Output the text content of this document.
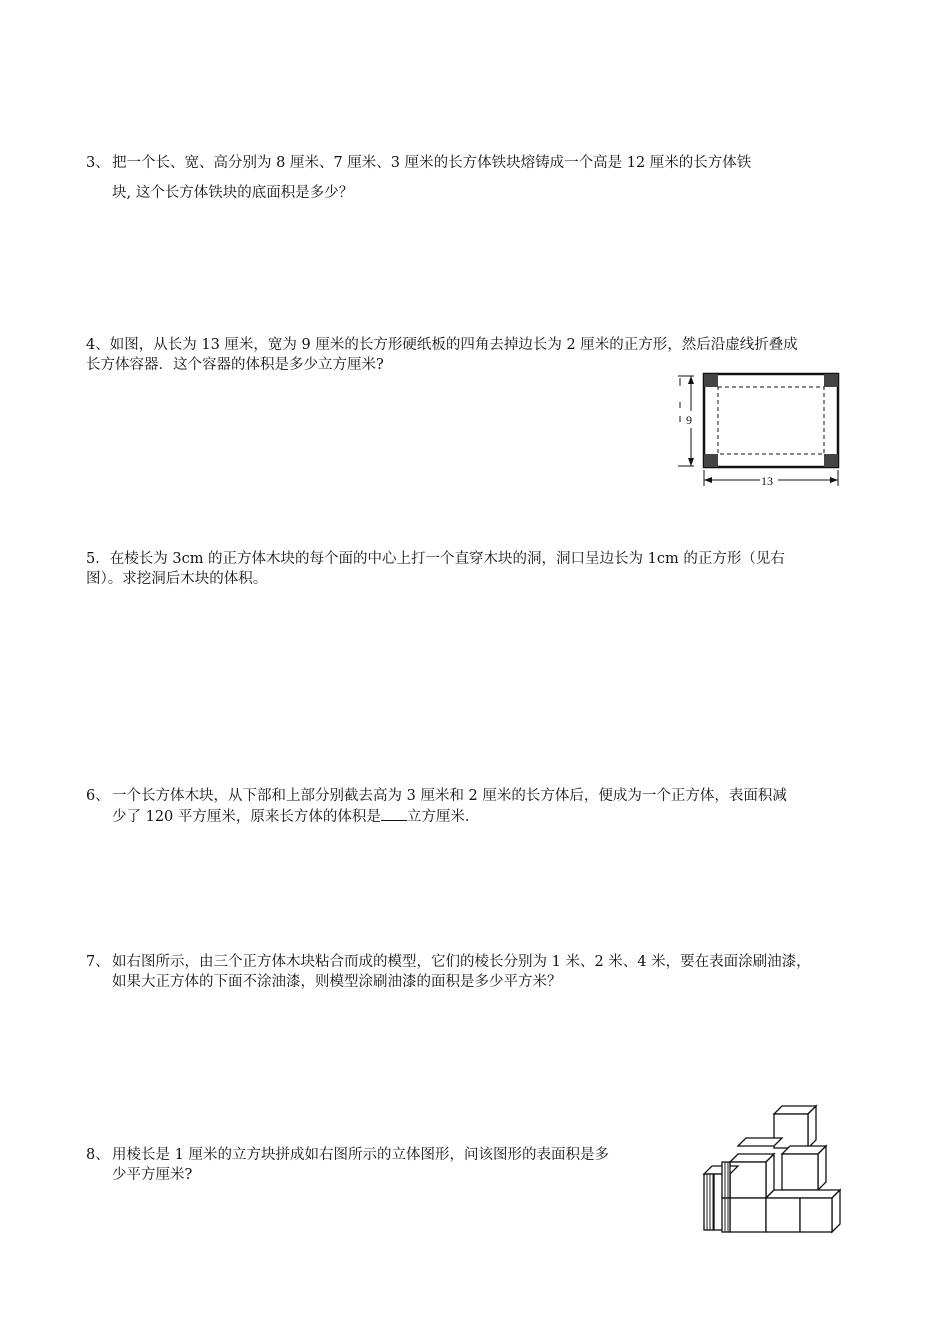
3、 把一个长、宽、高分别为 8 厘米、7 厘米、3 厘米的长方体铁块熔铸成一个高是 12 厘米的长方体铁
块, 这个长方体铁块的底面积是多少？
4、如图，从长为 13 厘米，宽为 9 厘米的长方形硬纸板的四角去掉边长为 2 厘米的正方形，然后沿虚线折叠成
长方体容器．这个容器的体积是多少立方厘米?
9
13
5．在棱长为 3cm 的正方体木块的每个面的中心上打一个直穿木块的洞，洞口呈边长为 1cm 的正方形（见右
图）。求挖洞后木块的体积。
6、 一个长方体木块，从下部和上部分别截去高为 3 厘米和 2 厘米的长方体后，便成为一个正方体，表面积减
少了 120 平方厘米，原来长方体的体积是 立方厘米.
7、 如右图所示，由三个正方体木块粘合而成的模型，它们的棱长分别为 1 米、2 米、4 米，要在表面涂刷油漆，
如果大正方体的下面不涂油漆，则模型涂刷油漆的面积是多少平方米？
8、 用棱长是 1 厘米的立方块拼成如右图所示的立体图形，问该图形的表面积是多
少平方厘米?
